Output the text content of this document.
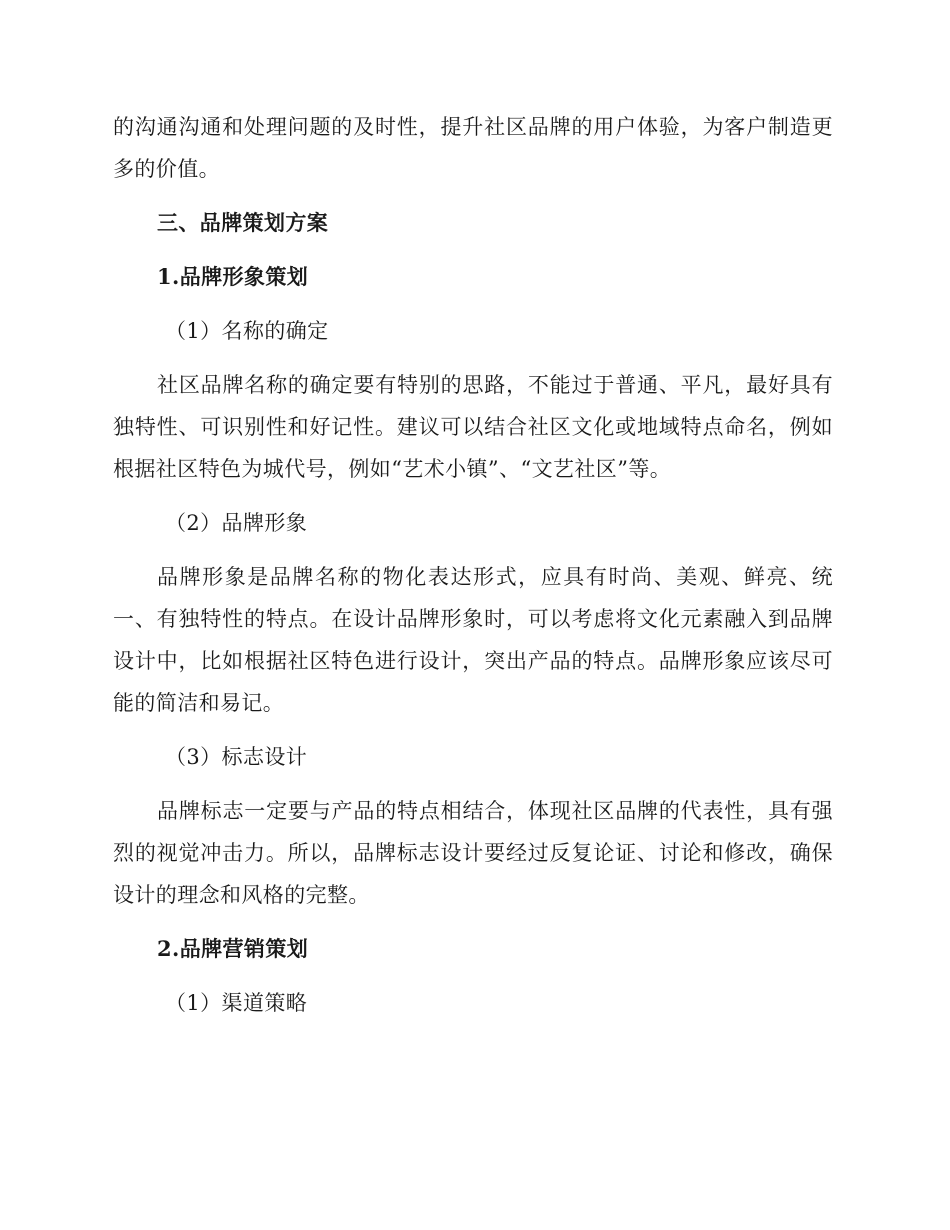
的沟通沟通和处理问题的及时性，提升社区品牌的用户体验，为客户制造更多的价值。

三、品牌策划方案

1.品牌形象策划

（1）名称的确定

社区品牌名称的确定要有特别的思路，不能过于普通、平凡，最好具有独特性、可识别性和好记性。建议可以结合社区文化或地域特点命名，例如根据社区特色为城代号，例如“艺术小镇”、“文艺社区”等。

（2）品牌形象

品牌形象是品牌名称的物化表达形式，应具有时尚、美观、鲜亮、统一、有独特性的特点。在设计品牌形象时，可以考虑将文化元素融入到品牌设计中，比如根据社区特色进行设计，突出产品的特点。品牌形象应该尽可能的简洁和易记。

（3）标志设计

品牌标志一定要与产品的特点相结合，体现社区品牌的代表性，具有强烈的视觉冲击力。所以，品牌标志设计要经过反复论证、讨论和修改，确保设计的理念和风格的完整。

2.品牌营销策划

（1）渠道策略
